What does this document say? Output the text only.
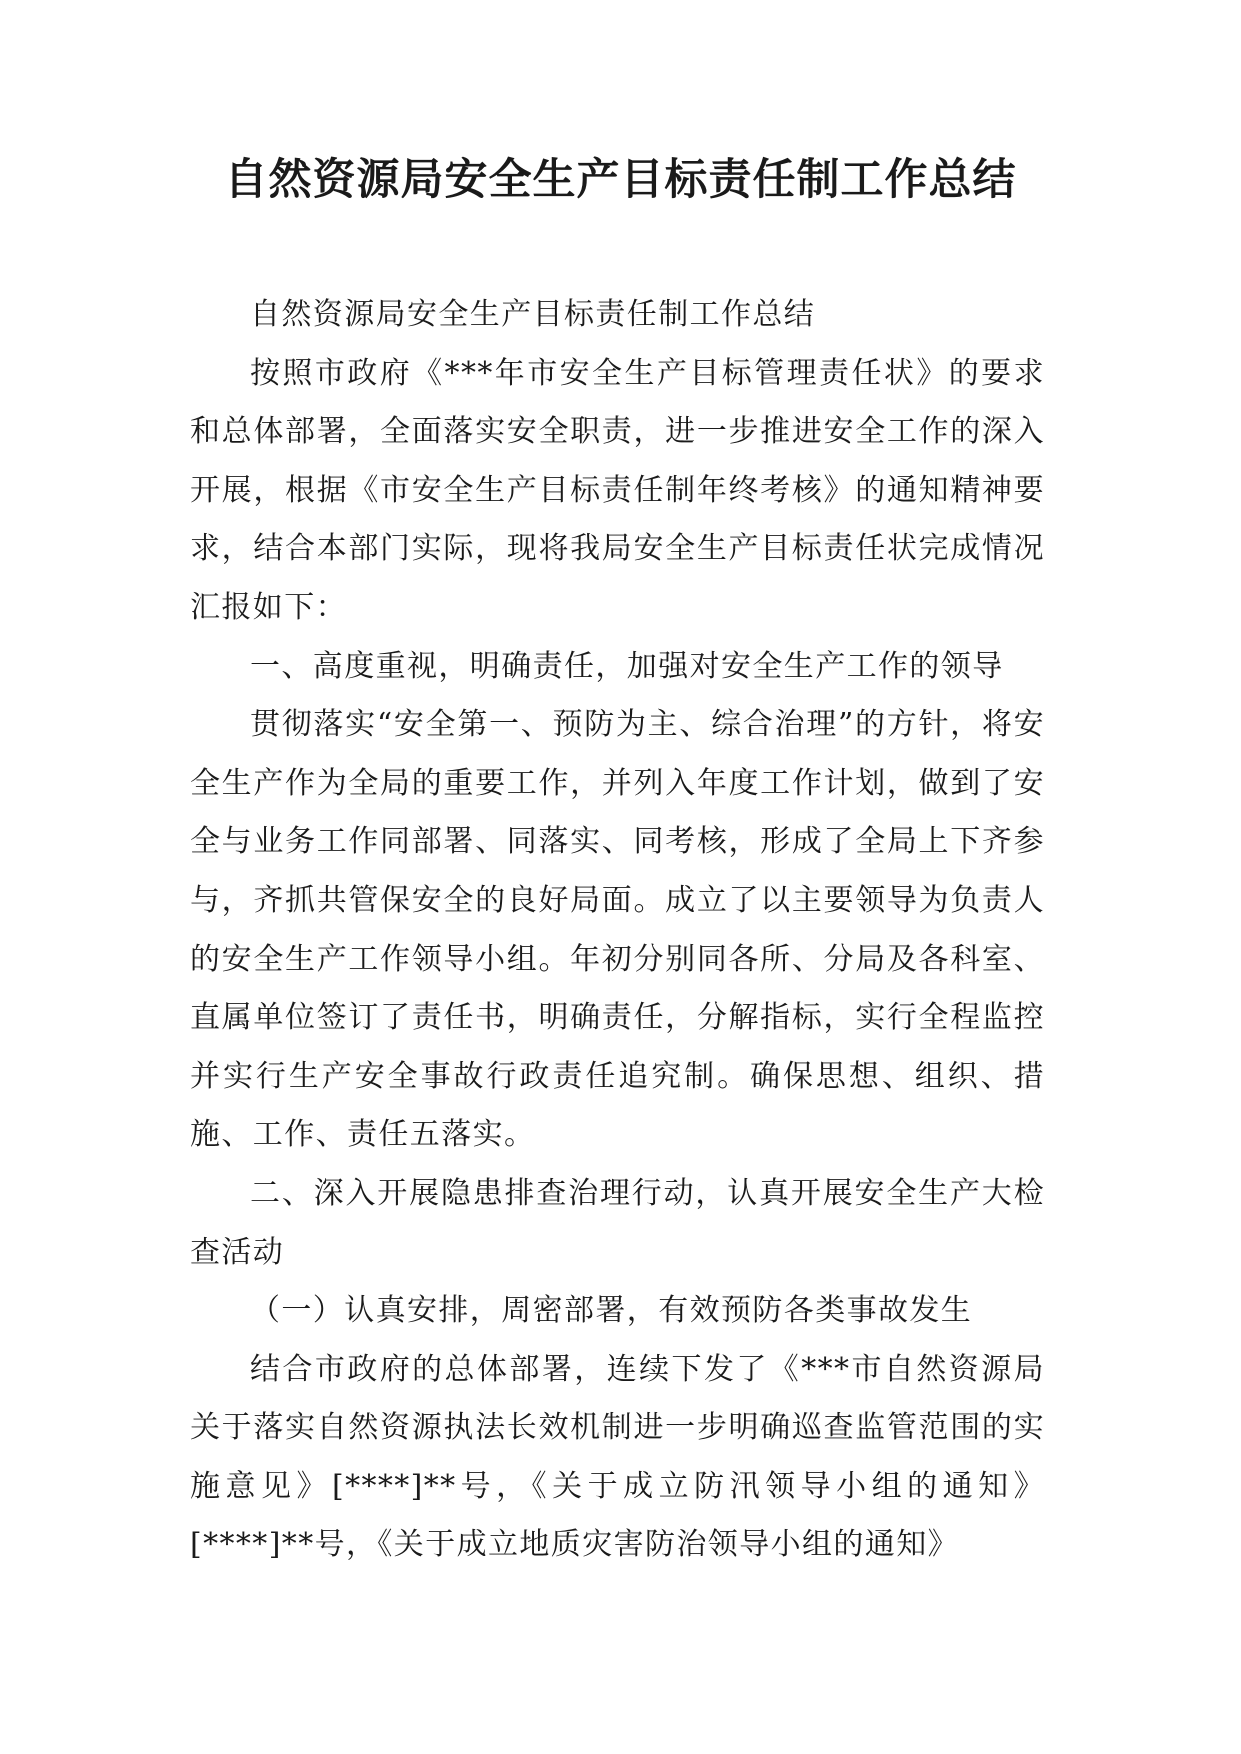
自然资源局安全生产目标责任制工作总结

自然资源局安全生产目标责任制工作总结

按照市政府《***年市安全生产目标管理责任状》的要求和总体部署，全面落实安全职责，进一步推进安全工作的深入开展，根据《市安全生产目标责任制年终考核》的通知精神要求，结合本部门实际，现将我局安全生产目标责任状完成情况汇报如下：

一、高度重视，明确责任，加强对安全生产工作的领导

贯彻落实“安全第一、预防为主、综合治理”的方针，将安全生产作为全局的重要工作，并列入年度工作计划，做到了安全与业务工作同部署、同落实、同考核，形成了全局上下齐参与，齐抓共管保安全的良好局面。成立了以主要领导为负责人的安全生产工作领导小组。年初分别同各所、分局及各科室、直属单位签订了责任书，明确责任，分解指标，实行全程监控并实行生产安全事故行政责任追究制。确保思想、组织、措施、工作、责任五落实。

二、深入开展隐患排查治理行动，认真开展安全生产大检查活动

（一）认真安排，周密部署，有效预防各类事故发生

结合市政府的总体部署，连续下发了《***市自然资源局关于落实自然资源执法长效机制进一步明确巡查监管范围的实施意见》[****]**号，《关于成立防汛领导小组的通知》[****]**号，《关于成立地质灾害防治领导小组的通知》
